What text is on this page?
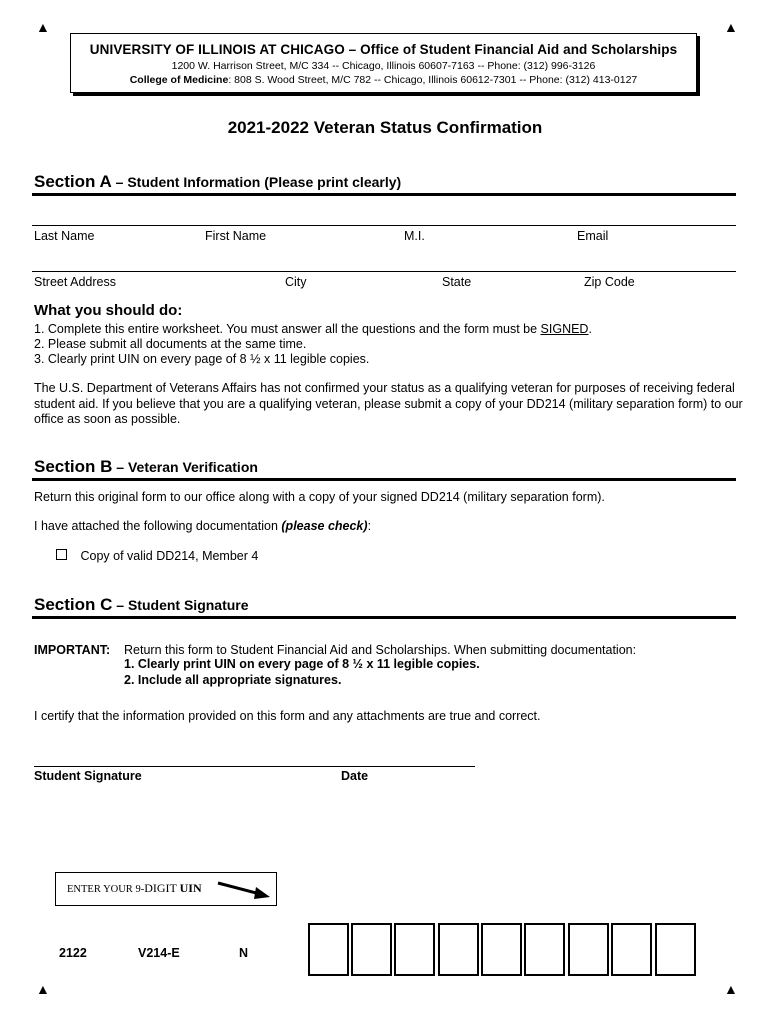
▲	▲
▲	▲
UNIVERSITY OF ILLINOIS AT CHICAGO – Office of Student Financial Aid and Scholarships
1200 W. Harrison Street, M/C 334 -- Chicago, Illinois 60607-7163 -- Phone: (312) 996-3126
College of Medicine: 808 S. Wood Street, M/C 782 -- Chicago, Illinois 60612-7301 -- Phone: (312) 413-0127
2021-2022 Veteran Status Confirmation
Section A – Student Information (Please print clearly)
Last Name	First Name	M.I.	Email
Street Address	City	State	Zip Code
What you should do:
1. Complete this entire worksheet. You must answer all the questions and the form must be SIGNED.
2. Please submit all documents at the same time.
3. Clearly print UIN on every page of 8 ½ x 11 legible copies.
The U.S. Department of Veterans Affairs has not confirmed your status as a qualifying veteran for purposes of receiving federal student aid. If you believe that you are a qualifying veteran, please submit a copy of your DD214 (military separation form) to our office as soon as possible.
Section B – Veteran Verification
Return this original form to our office along with a copy of your signed DD214 (military separation form).
I have attached the following documentation (please check):
Copy of valid DD214, Member 4
Section C – Student Signature
IMPORTANT: Return this form to Student Financial Aid and Scholarships. When submitting documentation:
1. Clearly print UIN on every page of 8 ½ x 11 legible copies.
2. Include all appropriate signatures.
I certify that the information provided on this form and any attachments are true and correct.
Student Signature	Date
ENTER YOUR 9-DIGIT UIN
2122	V214-E	N
